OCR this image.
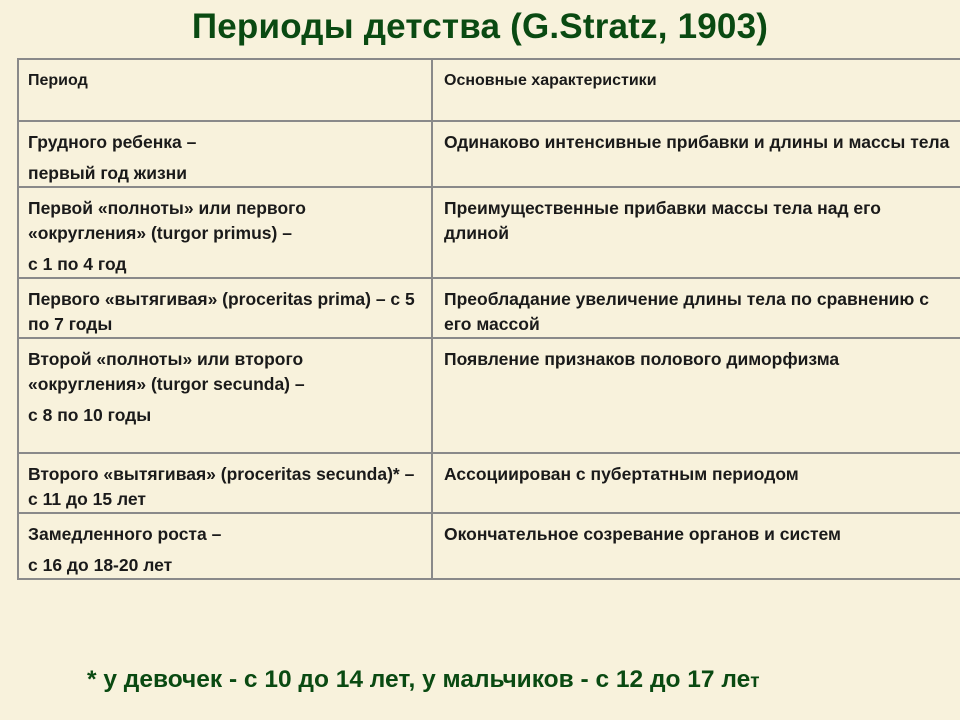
Периоды детства (G.Stratz, 1903)
Период	Основные характеристики

Грудного ребенка –
первый год жизни	Одинаково интенсивные прибавки и длины и массы тела

Первой «полноты» или первого «округления» (turgor primus) –
с 1 по 4 год	Преимущественные прибавки массы тела над его длиной

Первого «вытягивая» (proceritas prima) – с 5 по 7 годы	Преобладание увеличение длины тела по сравнению с его массой

Второй «полноты» или второго «округления» (turgor secunda) –
с 8 по 10 годы	Появление признаков полового диморфизма

Второго «вытягивая» (proceritas secunda)* – с 11 до 15 лет	Ассоциирован с пубертатным периодом

Замедленного роста –
с 16 до 18-20 лет	Окончательное созревание органов и систем
* у девочек - с 10 до 14 лет, у мальчиков - с 12 до 17 лет
